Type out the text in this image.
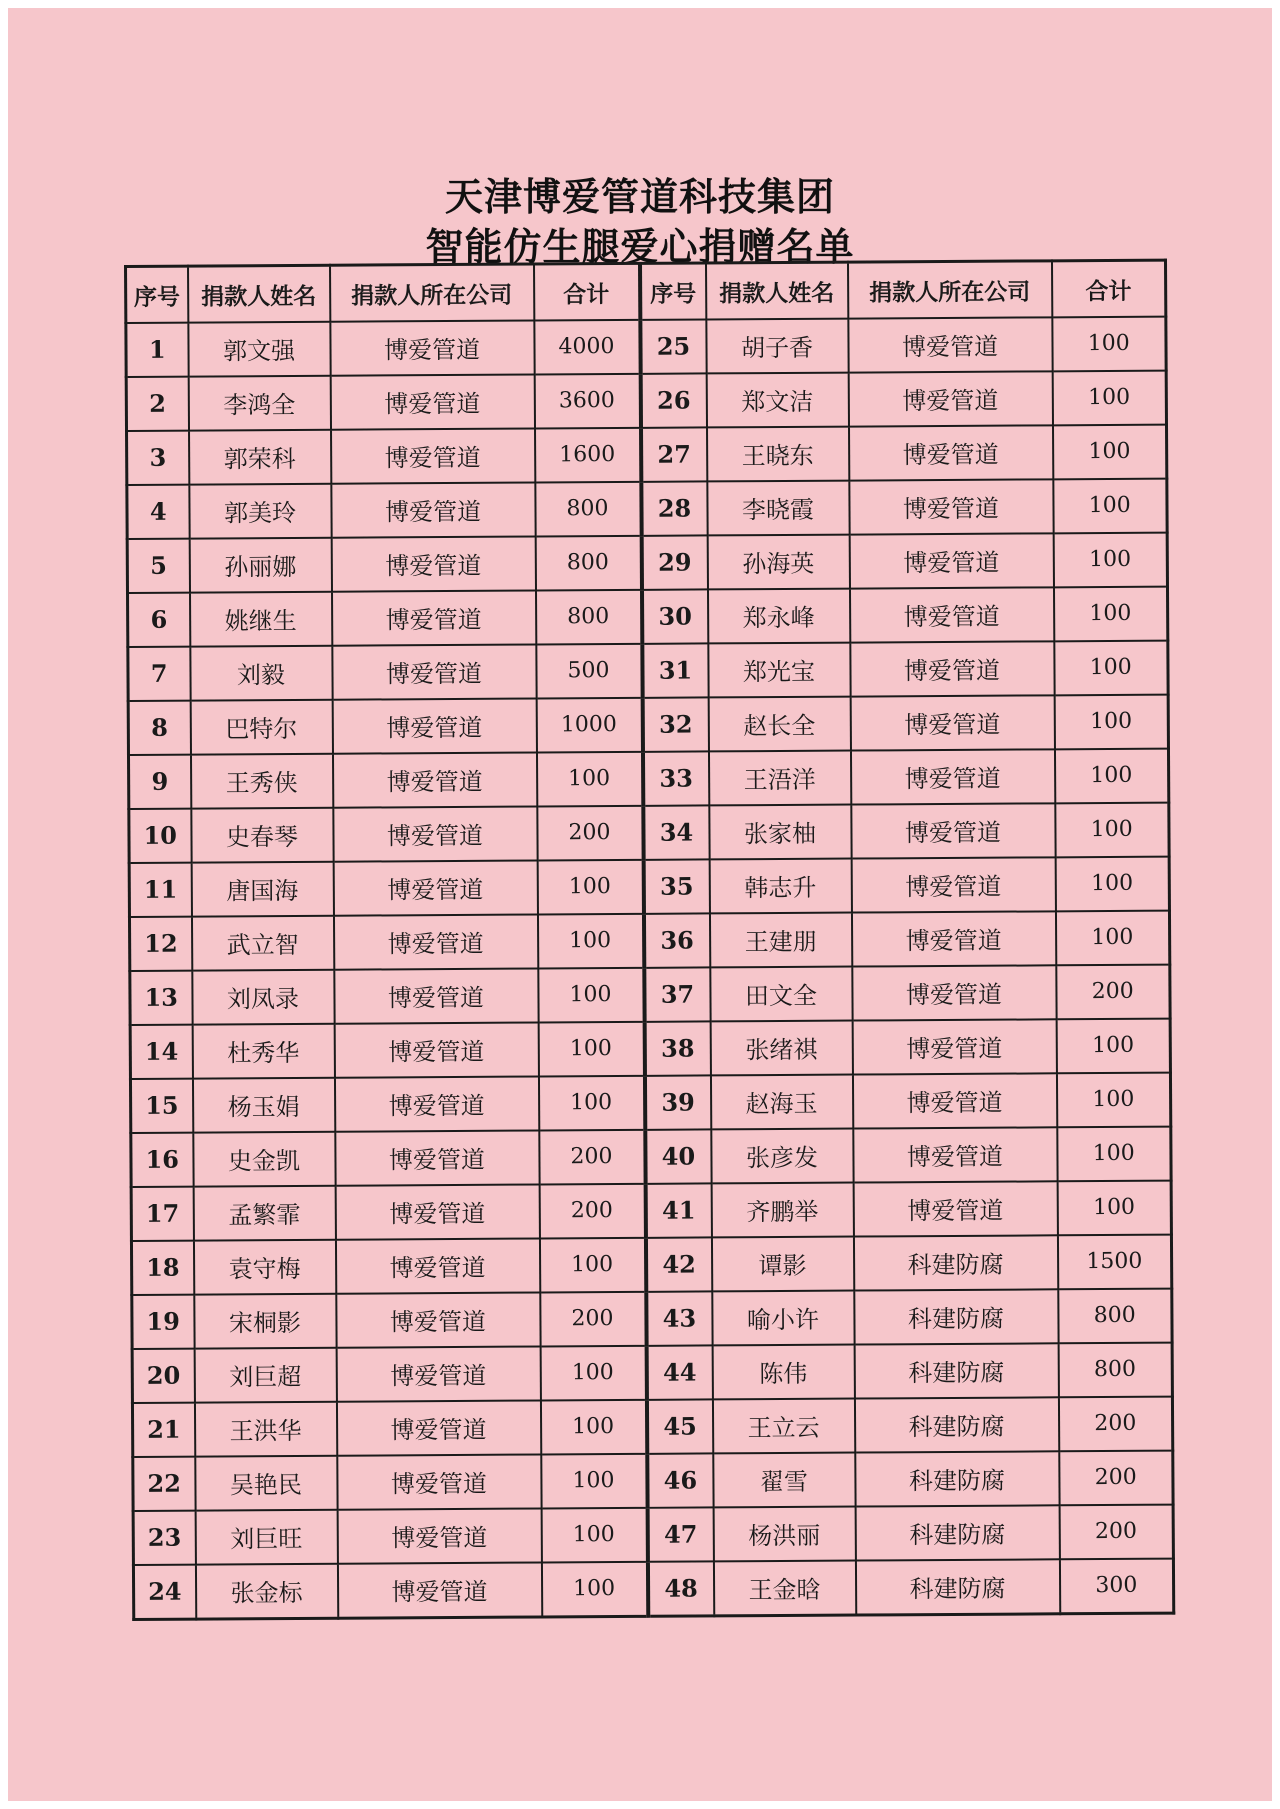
天津博爱管道科技集团
智能仿生腿爱心捐赠名单
序号	捐款人姓名	捐款人所在公司	合计	序号	捐款人姓名	捐款人所在公司	合计
1	郭文强	博爱管道	4000	25	胡子香	博爱管道	100
2	李鸿全	博爱管道	3600	26	郑文洁	博爱管道	100
3	郭荣科	博爱管道	1600	27	王晓东	博爱管道	100
4	郭美玲	博爱管道	800	28	李晓霞	博爱管道	100
5	孙丽娜	博爱管道	800	29	孙海英	博爱管道	100
6	姚继生	博爱管道	800	30	郑永峰	博爱管道	100
7	刘毅	博爱管道	500	31	郑光宝	博爱管道	100
8	巴特尔	博爱管道	1000	32	赵长全	博爱管道	100
9	王秀侠	博爱管道	100	33	王浯洋	博爱管道	100
10	史春琴	博爱管道	200	34	张家柚	博爱管道	100
11	唐国海	博爱管道	100	35	韩志升	博爱管道	100
12	武立智	博爱管道	100	36	王建朋	博爱管道	100
13	刘凤录	博爱管道	100	37	田文全	博爱管道	200
14	杜秀华	博爱管道	100	38	张绪祺	博爱管道	100
15	杨玉娟	博爱管道	100	39	赵海玉	博爱管道	100
16	史金凯	博爱管道	200	40	张彦发	博爱管道	100
17	孟繁霏	博爱管道	200	41	齐鹏举	博爱管道	100
18	袁守梅	博爱管道	100	42	谭影	科建防腐	1500
19	宋桐影	博爱管道	200	43	喻小许	科建防腐	800
20	刘巨超	博爱管道	100	44	陈伟	科建防腐	800
21	王洪华	博爱管道	100	45	王立云	科建防腐	200
22	吴艳民	博爱管道	100	46	翟雪	科建防腐	200
23	刘巨旺	博爱管道	100	47	杨洪丽	科建防腐	200
24	张金标	博爱管道	100	48	王金晗	科建防腐	300
